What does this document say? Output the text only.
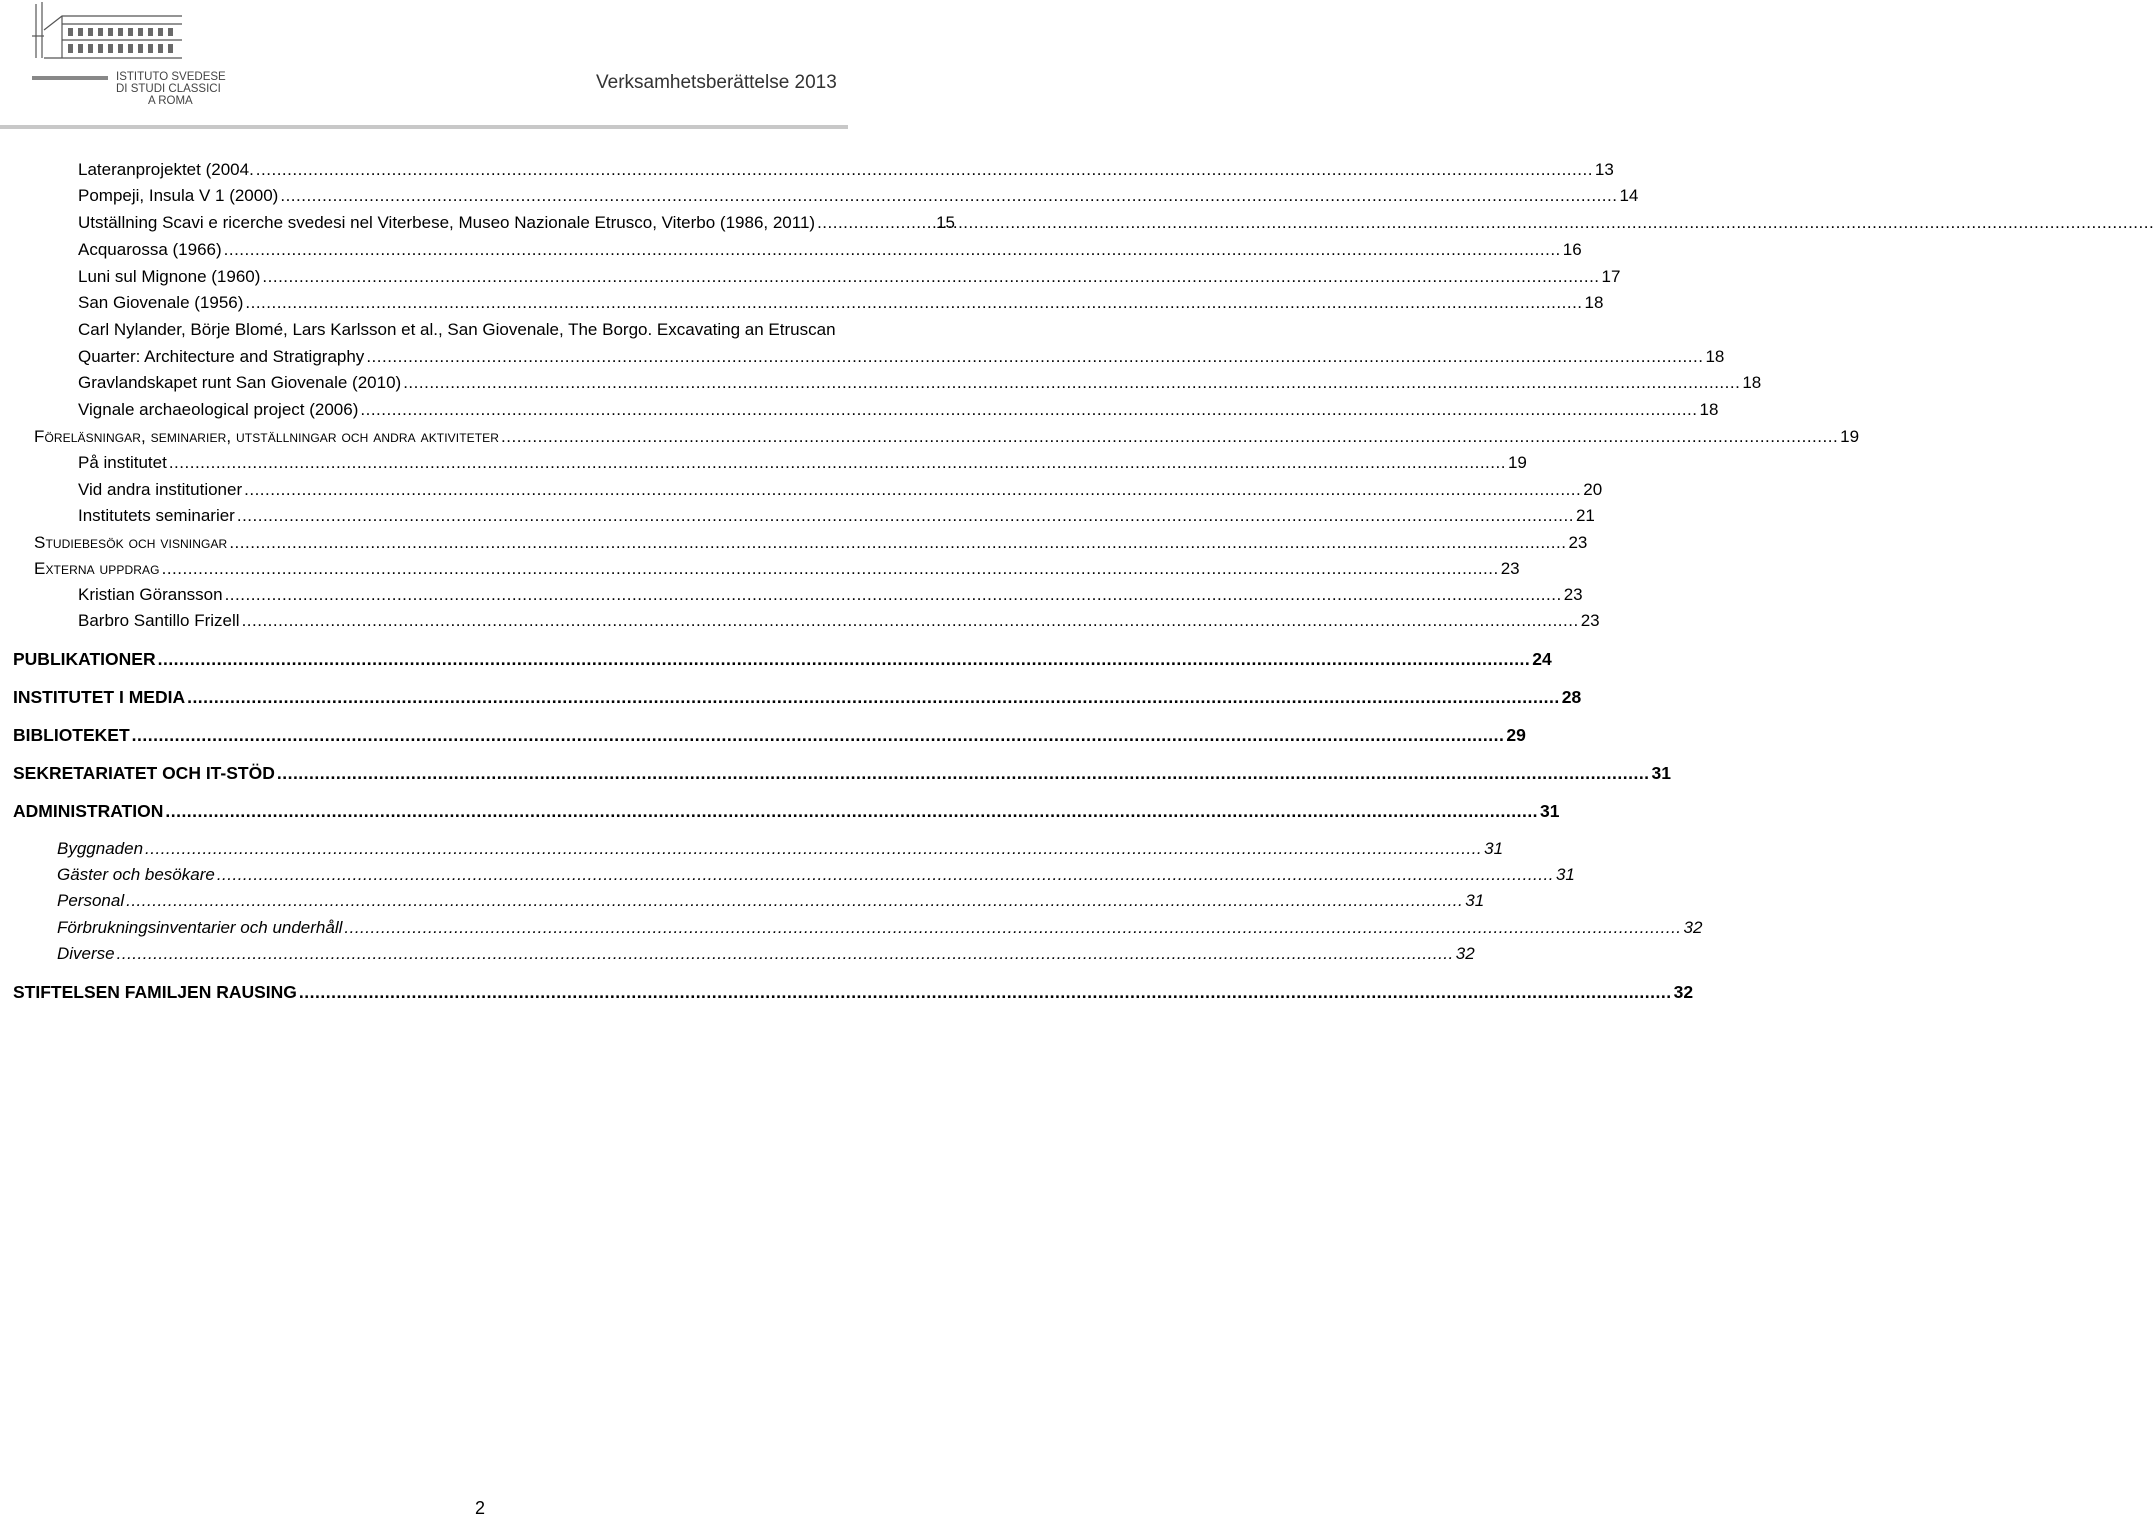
ISTITUTO SVEDESE
DI STUDI CLASSICI
A ROMA
Verksamhetsberättelse 2013
Lateranprojektet (2004. .....	13
Pompeji, Insula V 1 (2000) .....	14
Utställning Scavi e ricerche svedesi nel Viterbese, Museo Nazionale Etrusco, Viterbo (1986, 2011) .....	15
Acquarossa (1966) .....	16
Luni sul Mignone (1960) .....	17
San Giovenale (1956) .....	18
Carl Nylander, Börje Blomé, Lars Karlsson et al., San Giovenale, The Borgo. Excavating an Etruscan
Quarter: Architecture and Stratigraphy .....	18
Gravlandskapet runt San Giovenale (2010) .....	18
Vignale archaeological project (2006) .....	18
Föreläsningar, seminarier, utställningar och andra aktiviteter .....	19
På institutet .....	19
Vid andra institutioner .....	20
Institutets seminarier .....	21
Studiebesök och visningar .....	23
Externa uppdrag .....	23
Kristian Göransson .....	23
Barbro Santillo Frizell .....	23
PUBLIKATIONER .....	24
INSTITUTET I MEDIA .....	28
BIBLIOTEKET .....	29
SEKRETARIATET OCH IT-STÖD .....	31
ADMINISTRATION .....	31
Byggnaden .....	31
Gäster och besökare .....	31
Personal .....	31
Förbrukningsinventarier och underhåll .....	32
Diverse .....	32
STIFTELSEN FAMILJEN RAUSING .....	32
2
